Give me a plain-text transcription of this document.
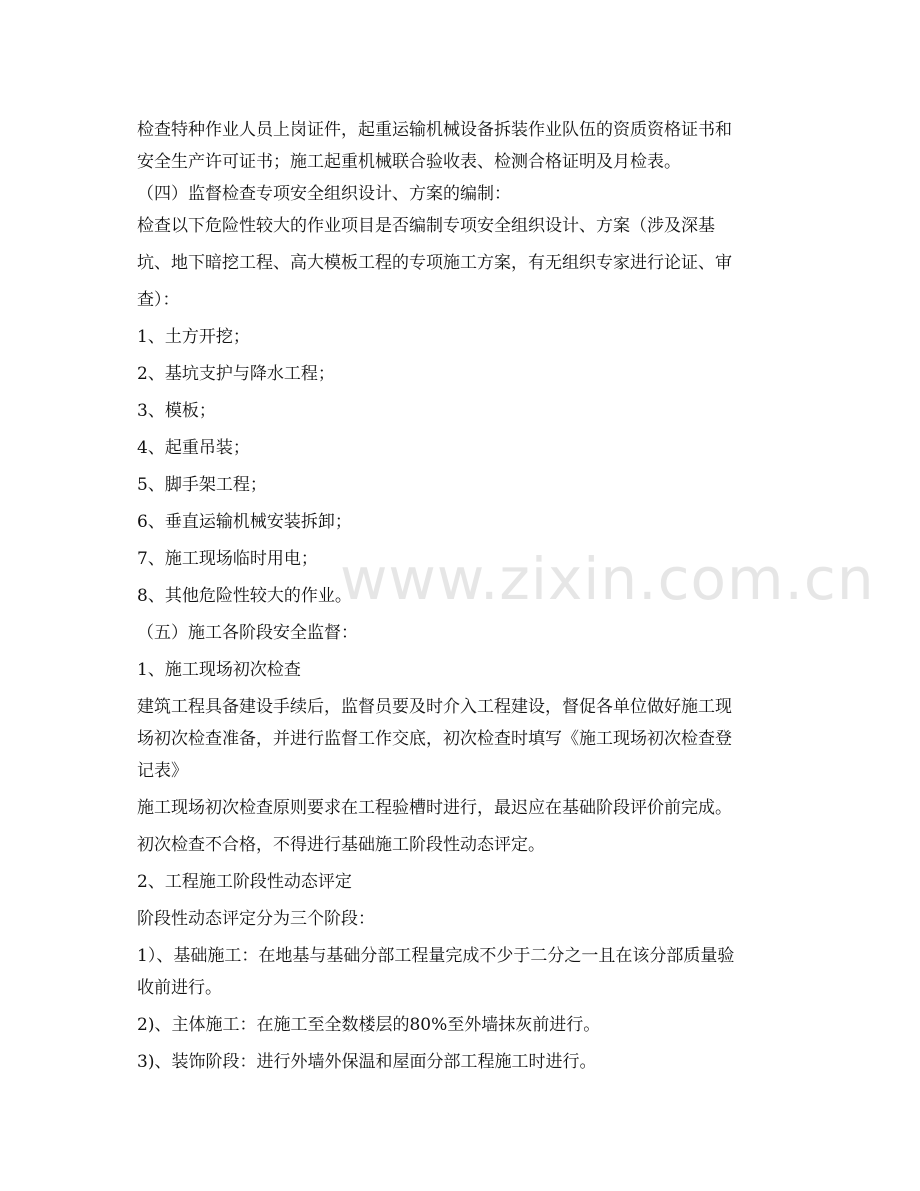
检查特种作业人员上岗证件，起重运输机械设备拆装作业队伍的资质资格证书和

安全生产许可证书；施工起重机械联合验收表、检测合格证明及月检表。

（四）监督检查专项安全组织设计、方案的编制：

检查以下危险性较大的作业项目是否编制专项安全组织设计、方案（涉及深基

坑、地下暗挖工程、高大模板工程的专项施工方案，有无组织专家进行论证、审

查）：

1、土方开挖；

2、基坑支护与降水工程；

3、模板；

4、起重吊装；

5、脚手架工程；

6、垂直运输机械安装拆卸；

7、施工现场临时用电；

8、其他危险性较大的作业。

（五）施工各阶段安全监督：

1、施工现场初次检查

建筑工程具备建设手续后，监督员要及时介入工程建设，督促各单位做好施工现

场初次检查准备，并进行监督工作交底，初次检查时填写《施工现场初次检查登

记表》

施工现场初次检查原则要求在工程验槽时进行，最迟应在基础阶段评价前完成。

初次检查不合格，不得进行基础施工阶段性动态评定。

2、工程施工阶段性动态评定

阶段性动态评定分为三个阶段：

1）、基础施工：在地基与基础分部工程量完成不少于二分之一且在该分部质量验

收前进行。

2)、主体施工：在施工至全数楼层的80%至外墙抹灰前进行。

3)、装饰阶段：进行外墙外保温和屋面分部工程施工时进行。

www.zixin.com.cn
